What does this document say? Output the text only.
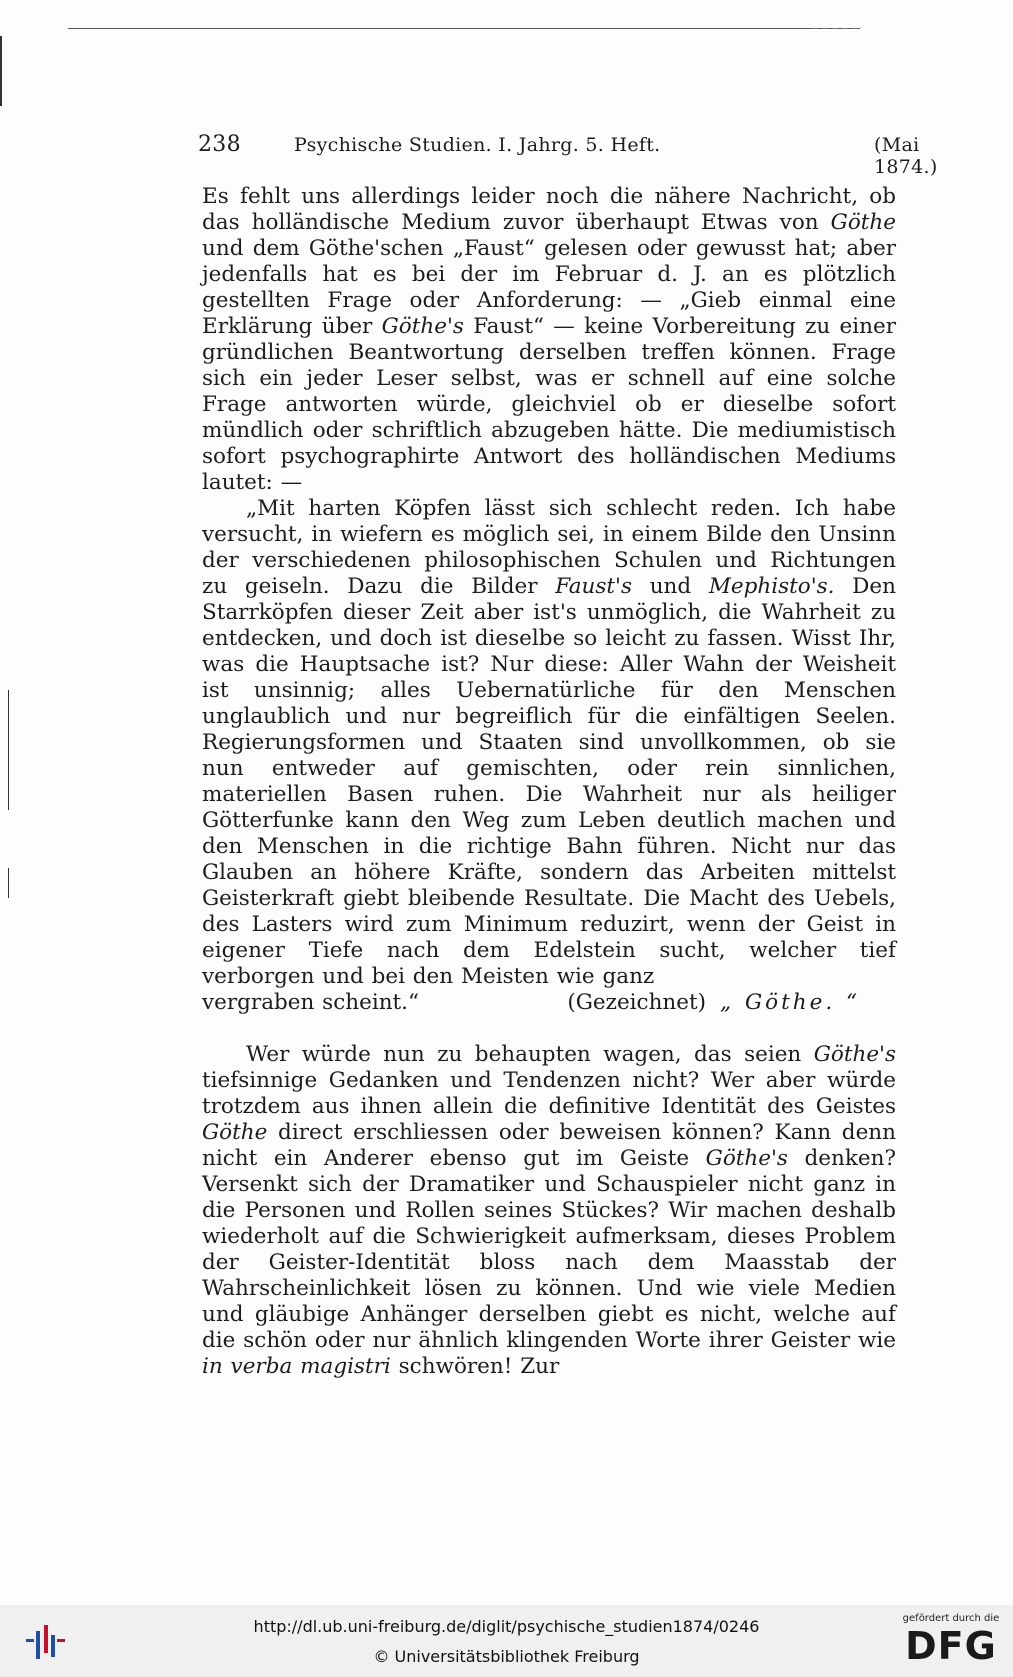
238	Psychische Studien. I. Jahrg. 5. Heft.	(Mai 1874.)

Es fehlt uns allerdings leider noch die nähere Nachricht, ob das holländische Medium zuvor überhaupt Etwas von Göthe und dem Göthe'schen „Faust“ gelesen oder gewusst hat; aber jedenfalls hat es bei der im Februar d. J. an es plötzlich gestellten Frage oder Anforderung: — „Gieb einmal eine Erklärung über Göthe's Faust“ — keine Vorbereitung zu einer gründlichen Beantwortung derselben treffen können. Frage sich ein jeder Leser selbst, was er schnell auf eine solche Frage antworten würde, gleichviel ob er dieselbe sofort mündlich oder schriftlich abzugeben hätte. Die mediumistisch sofort psychographirte Antwort des holländischen Mediums lautet: —

„Mit harten Köpfen lässt sich schlecht reden. Ich habe versucht, in wiefern es möglich sei, in einem Bilde den Unsinn der verschiedenen philosophischen Schulen und Richtungen zu geiseln. Dazu die Bilder Faust's und Mephisto's. Den Starrköpfen dieser Zeit aber ist's unmöglich, die Wahrheit zu entdecken, und doch ist dieselbe so leicht zu fassen. Wisst Ihr, was die Hauptsache ist? Nur diese: Aller Wahn der Weisheit ist unsinnig; alles Uebernatürliche für den Menschen unglaublich und nur begreiflich für die einfältigen Seelen. Regierungsformen und Staaten sind unvollkommen, ob sie nun entweder auf gemischten, oder rein sinnlichen, materiellen Basen ruhen. Die Wahrheit nur als heiliger Götterfunke kann den Weg zum Leben deutlich machen und den Menschen in die richtige Bahn führen. Nicht nur das Glauben an höhere Kräfte, sondern das Arbeiten mittelst Geisterkraft giebt bleibende Resultate. Die Macht des Uebels, des Lasters wird zum Minimum reduzirt, wenn der Geist in eigener Tiefe nach dem Edelstein sucht, welcher tief verborgen und bei den Meisten wie ganz

vergraben scheint.“	(Gezeichnet) „ Göthe. “

Wer würde nun zu behaupten wagen, das seien Göthe's tiefsinnige Gedanken und Tendenzen nicht? Wer aber würde trotzdem aus ihnen allein die definitive Identität des Geistes Göthe direct erschliessen oder beweisen können? Kann denn nicht ein Anderer ebenso gut im Geiste Göthe's denken? Versenkt sich der Dramatiker und Schauspieler nicht ganz in die Personen und Rollen seines Stückes? Wir machen deshalb wiederholt auf die Schwierigkeit aufmerksam, dieses Problem der Geister-Identität bloss nach dem Maasstab der Wahrscheinlichkeit lösen zu können. Und wie viele Medien und gläubige Anhänger derselben giebt es nicht, welche auf die schön oder nur ähnlich klingenden Worte ihrer Geister wie in verba magistri schwören! Zur

http://dl.ub.uni-freiburg.de/diglit/psychische_studien1874/0246
© Universitätsbibliothek Freiburg
gefördert durch die
DFG
